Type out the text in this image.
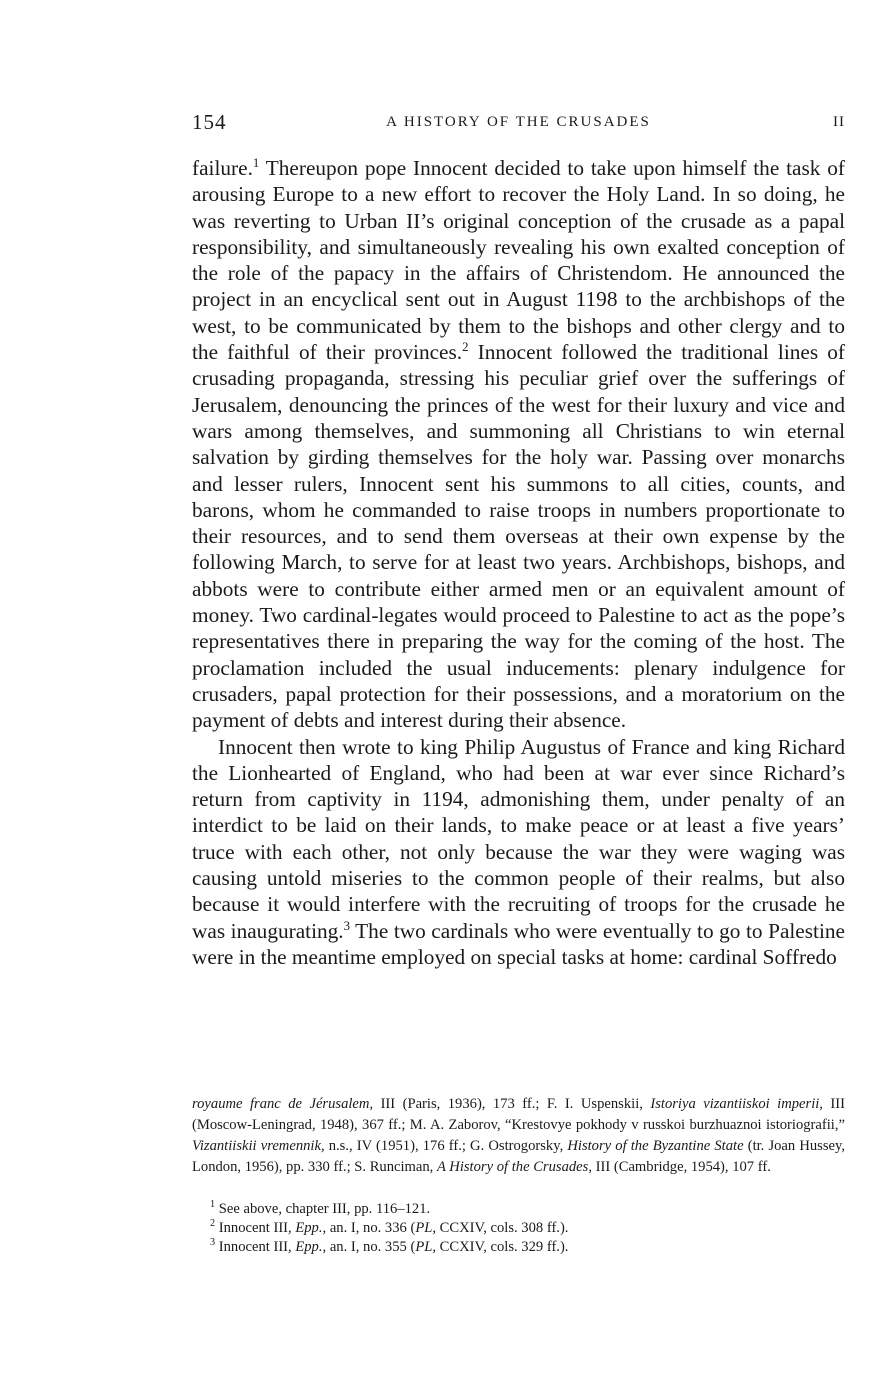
154	A HISTORY OF THE CRUSADES	II

failure.$^1$ Thereupon pope Innocent decided to take upon himself the task of arousing Europe to a new effort to recover the Holy Land. In so doing, he was reverting to Urban II’s original conception of the crusade as a papal responsibility, and simultaneously revealing his own exalted conception of the role of the papacy in the affairs of Christendom. He announced the project in an encyclical sent out in August 1198 to the archbishops of the west, to be communicated by them to the bishops and other clergy and to the faithful of their provinces.$^2$ Innocent followed the traditional lines of crusading propaganda, stressing his peculiar grief over the sufferings of Jerusalem, denouncing the princes of the west for their luxury and vice and wars among themselves, and summoning all Christians to win eternal salvation by girding themselves for the holy war. Passing over monarchs and lesser rulers, Innocent sent his summons to all cities, counts, and barons, whom he commanded to raise troops in numbers proportionate to their resources, and to send them overseas at their own expense by the following March, to serve for at least two years. Archbishops, bishops, and abbots were to contribute either armed men or an equivalent amount of money. Two cardinal-legates would proceed to Palestine to act as the pope’s representatives there in preparing the way for the coming of the host. The proclamation included the usual inducements: plenary indulgence for crusaders, papal protection for their possessions, and a moratorium on the payment of debts and interest during their absence.

Innocent then wrote to king Philip Augustus of France and king Richard the Lionhearted of England, who had been at war ever since Richard’s return from captivity in 1194, admonishing them, under penalty of an interdict to be laid on their lands, to make peace or at least a five years’ truce with each other, not only because the war they were waging was causing untold miseries to the common people of their realms, but also because it would interfere with the recruiting of troops for the crusade he was inaugurating.$^3$ The two cardinals who were eventually to go to Palestine were in the meantime employed on special tasks at home: cardinal Soffredo

royaume franc de Jérusalem, III (Paris, 1936), 173 ff.; F. I. Uspenskii, Istoriya vizantiiskoi imperii, III (Moscow-Leningrad, 1948), 367 ff.; M. A. Zaborov, “Krestovye pokhody v russkoi burzhuaznoi istoriografii,” Vizantiiskii vremennik, n.s., IV (1951), 176 ff.; G. Ostrogorsky, History of the Byzantine State (tr. Joan Hussey, London, 1956), pp. 330 ff.; S. Runciman, A History of the Crusades, III (Cambridge, 1954), 107 ff.

$^1$ See above, chapter III, pp. 116–121.
$^2$ Innocent III, Epp., an. I, no. 336 (PL, CCXIV, cols. 308 ff.).
$^3$ Innocent III, Epp., an. I, no. 355 (PL, CCXIV, cols. 329 ff.).
